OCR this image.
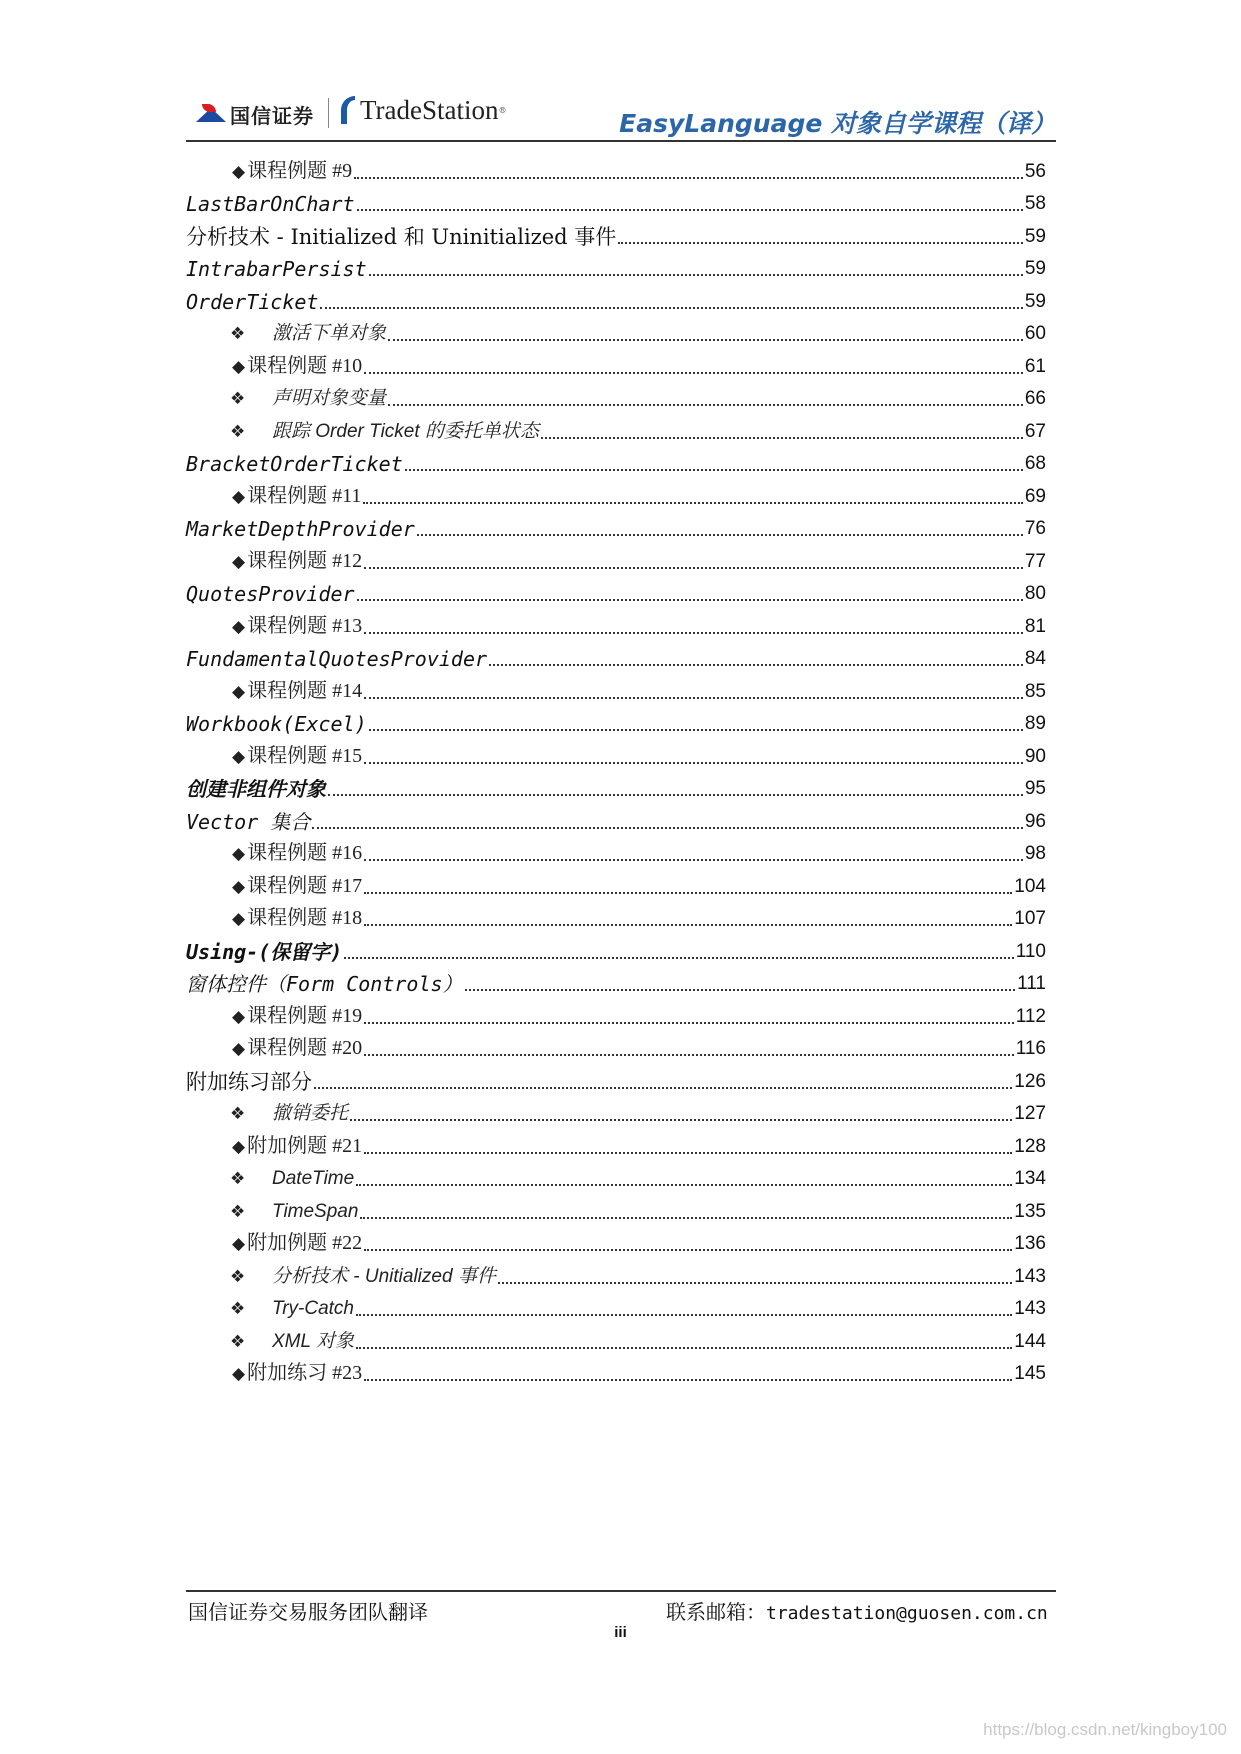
国信证券 TradeStation ®	EasyLanguage 对象自学课程（译）
◆ 课程例题 #9	56
LastBarOnChart	58
分析技术 - Initialized 和 Uninitialized 事件	59
IntrabarPersist	59
OrderTicket	59
❖ 激活下单对象	60
◆ 课程例题 #10	61
❖ 声明对象变量	66
❖ 跟踪 Order Ticket 的委托单状态	67
BracketOrderTicket	68
◆ 课程例题 #11	69
MarketDepthProvider	76
◆ 课程例题 #12	77
QuotesProvider	80
◆ 课程例题 #13	81
FundamentalQuotesProvider	84
◆ 课程例题 #14	85
Workbook(Excel)	89
◆ 课程例题 #15	90
创建非组件对象	95
Vector 集合	96
◆ 课程例题 #16	98
◆ 课程例题 #17	104
◆ 课程例题 #18	107
Using-(保留字)	110
窗体控件（Form Controls）	111
◆ 课程例题 #19	112
◆ 课程例题 #20	116
附加练习部分	126
❖ 撤销委托	127
◆ 附加例题 #21	128
❖ DateTime	134
❖ TimeSpan	135
◆ 附加例题 #22	136
❖ 分析技术 - Unitialized 事件	143
❖ Try-Catch	143
❖ XML 对象	144
◆ 附加练习 #23	145
国信证券交易服务团队翻译	联系邮箱：tradestation@guosen.com.cn
iii
https://blog.csdn.net/kingboy100
